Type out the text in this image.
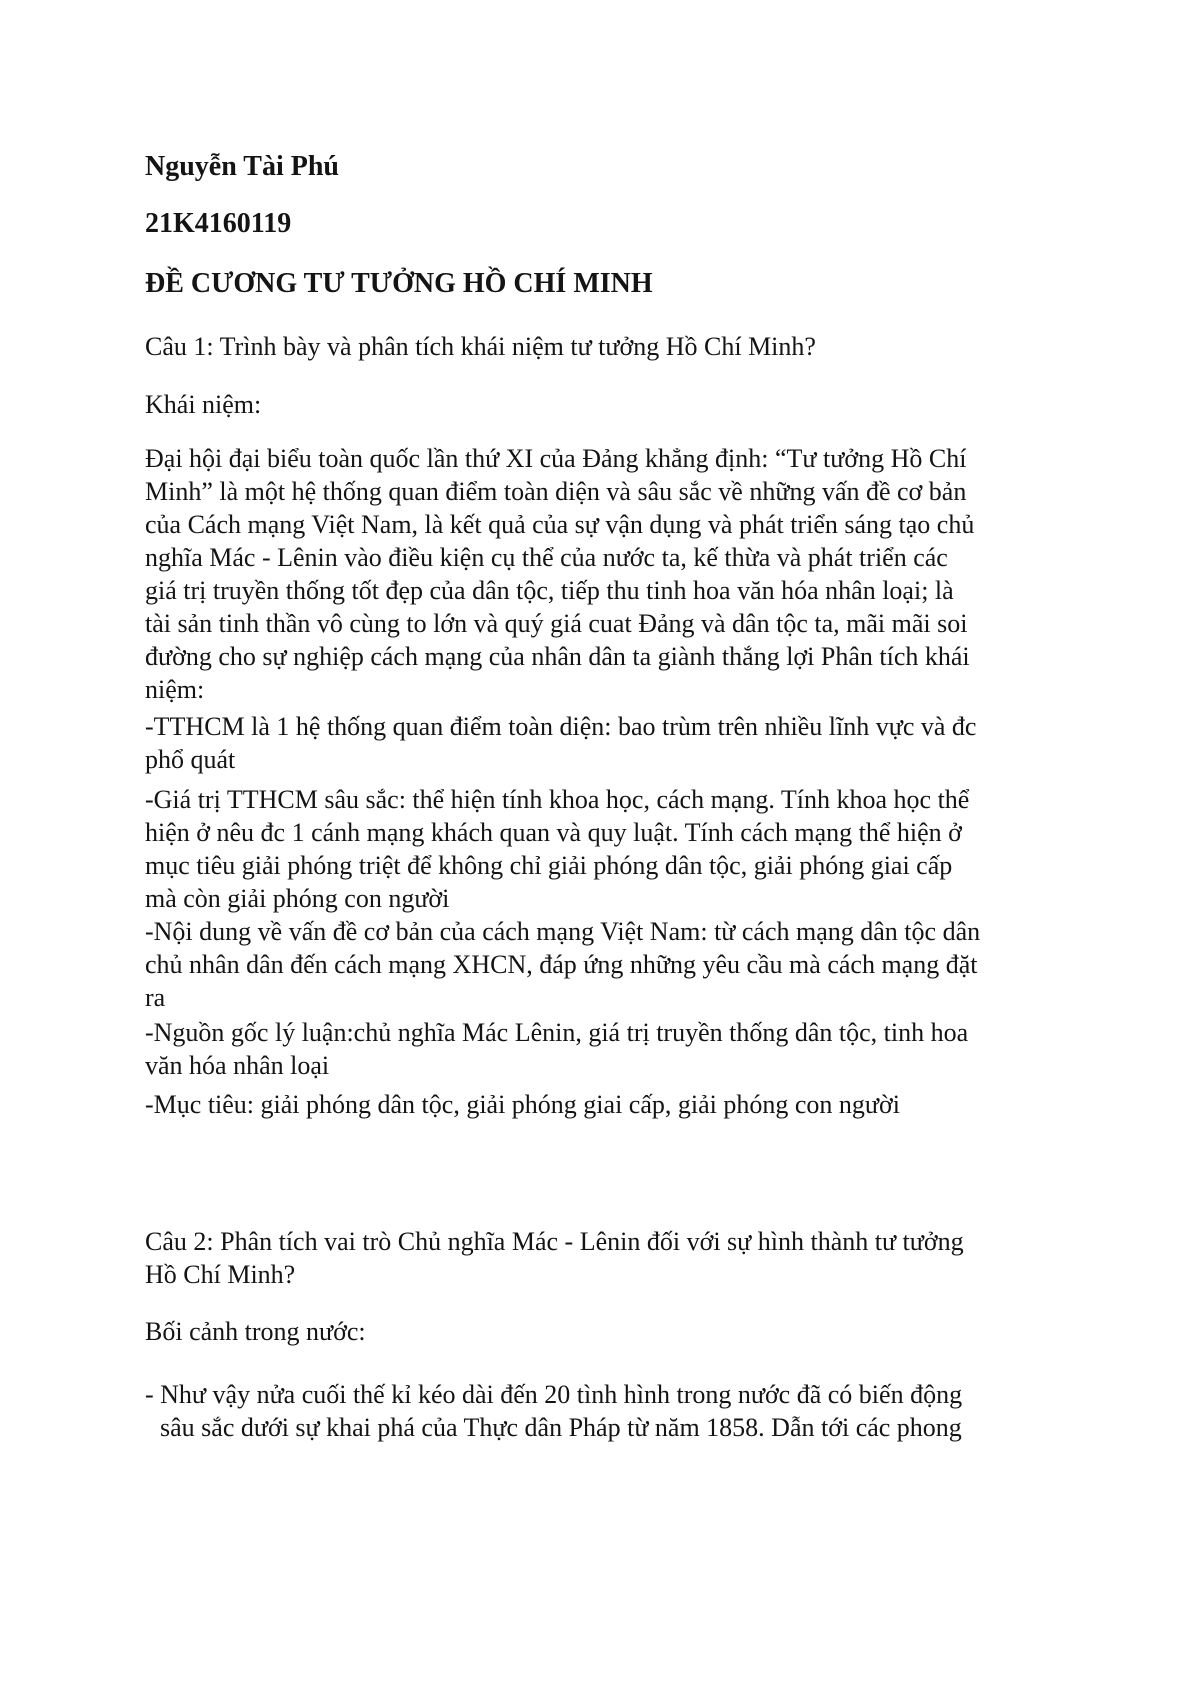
Nguyễn Tài Phú

21K4160119

ĐỀ CƯƠNG TƯ TƯỞNG HỒ CHÍ MINH

Câu 1: Trình bày và phân tích khái niệm tư tưởng Hồ Chí Minh?

Khái niệm:

Đại hội đại biểu toàn quốc lần thứ XI của Đảng khẳng định: “Tư tưởng Hồ Chí

Minh” là một hệ thống quan điểm toàn diện và sâu sắc về những vấn đề cơ bản

của Cách mạng Việt Nam, là kết quả của sự vận dụng và phát triển sáng tạo chủ

nghĩa Mác - Lênin vào điều kiện cụ thể của nước ta, kế thừa và phát triển các

giá trị truyền thống tốt đẹp của dân tộc, tiếp thu tinh hoa văn hóa nhân loại; là

tài sản tinh thần vô cùng to lớn và quý giá cuat Đảng và dân tộc ta, mãi mãi soi

đường cho sự nghiệp cách mạng của nhân dân ta giành thắng lợi Phân tích khái

niệm:

-TTHCM là 1 hệ thống quan điểm toàn diện: bao trùm trên nhiều lĩnh vực và đc

phổ quát

-Giá trị TTHCM sâu sắc: thể hiện tính khoa học, cách mạng. Tính khoa học thể

hiện ở nêu đc 1 cánh mạng khách quan và quy luật. Tính cách mạng thể hiện ở

mục tiêu giải phóng triệt để không chỉ giải phóng dân tộc, giải phóng giai cấp

mà còn giải phóng con người

-Nội dung về vấn đề cơ bản của cách mạng Việt Nam: từ cách mạng dân tộc dân

chủ nhân dân đến cách mạng XHCN, đáp ứng những yêu cầu mà cách mạng đặt

ra

-Nguồn gốc lý luận:chủ nghĩa Mác Lênin, giá trị truyền thống dân tộc, tinh hoa

văn hóa nhân loại

-Mục tiêu: giải phóng dân tộc, giải phóng giai cấp, giải phóng con người

Câu 2: Phân tích vai trò Chủ nghĩa Mác - Lênin đối với sự hình thành tư tưởng

Hồ Chí Minh?

Bối cảnh trong nước:

- Như vậy nửa cuối thế kỉ kéo dài đến 20 tình hình trong nước đã có biến động

sâu sắc dưới sự khai phá của Thực dân Pháp từ năm 1858. Dẫn tới các phong
